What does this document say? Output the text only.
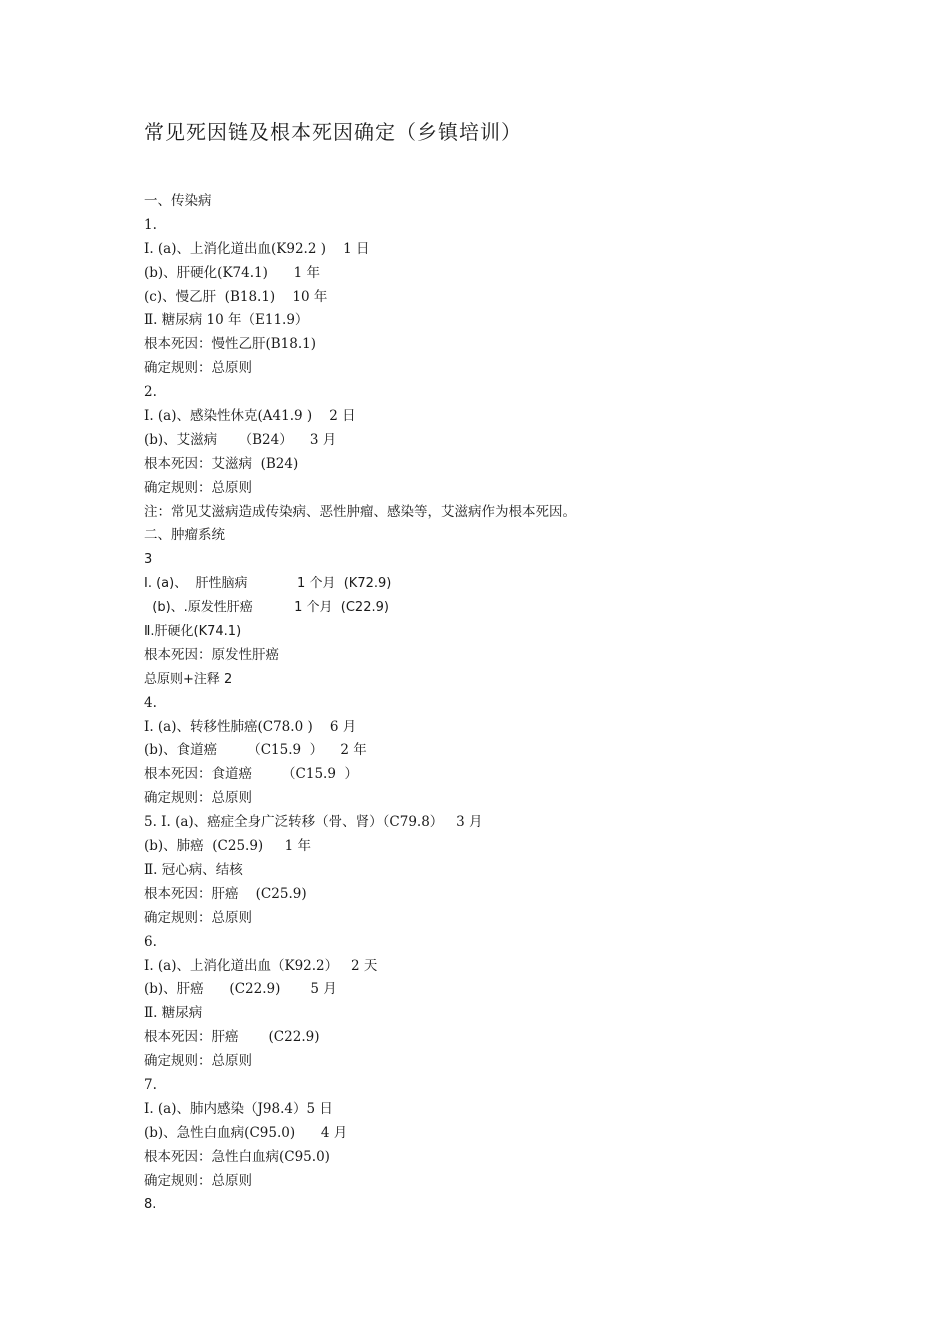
常见死因链及根本死因确定（乡镇培训）
一、传染病
1.
Ⅰ. (a)、上消化道出血(K92.2 )    1 日
(b)、肝硬化(K74.1)      1 年
(c)、慢乙肝  (B18.1)    10 年
Ⅱ. 糖尿病 10 年（E11.9）
根本死因：慢性乙肝(B18.1)
确定规则：总原则
2.
Ⅰ. (a)、感染性休克(A41.9 )    2 日
(b)、艾滋病     （B24）    3 月
根本死因：艾滋病  (B24)
确定规则：总原则
注：常见艾滋病造成传染病、恶性肿瘤、感染等，艾滋病作为根本死因。
二、肿瘤系统
3
Ⅰ. (a)、  肝性脑病            1 个月  (K72.9)
(b)、.原发性肝癌          1 个月  (C22.9)
Ⅱ.肝硬化(K74.1)
根本死因：原发性肝癌
总原则+注释 2
4.
Ⅰ. (a)、转移性肺癌(C78.0 )    6 月
(b)、食道癌       （C15.9  ）    2 年
根本死因：食道癌       （C15.9  ）
确定规则：总原则
5. Ⅰ. (a)、癌症全身广泛转移（骨、肾）（C79.8）   3 月
(b)、肺癌  (C25.9)     1 年
Ⅱ. 冠心病、结核
根本死因：肝癌    (C25.9)
确定规则：总原则
6.
Ⅰ. (a)、上消化道出血（K92.2）   2 天
(b)、肝癌      (C22.9)       5 月
Ⅱ. 糖尿病
根本死因：肝癌       (C22.9)
确定规则：总原则
7.
Ⅰ. (a)、肺内感染（J98.4）5 日
(b)、急性白血病(C95.0)      4 月
根本死因：急性白血病(C95.0)
确定规则：总原则
8.
